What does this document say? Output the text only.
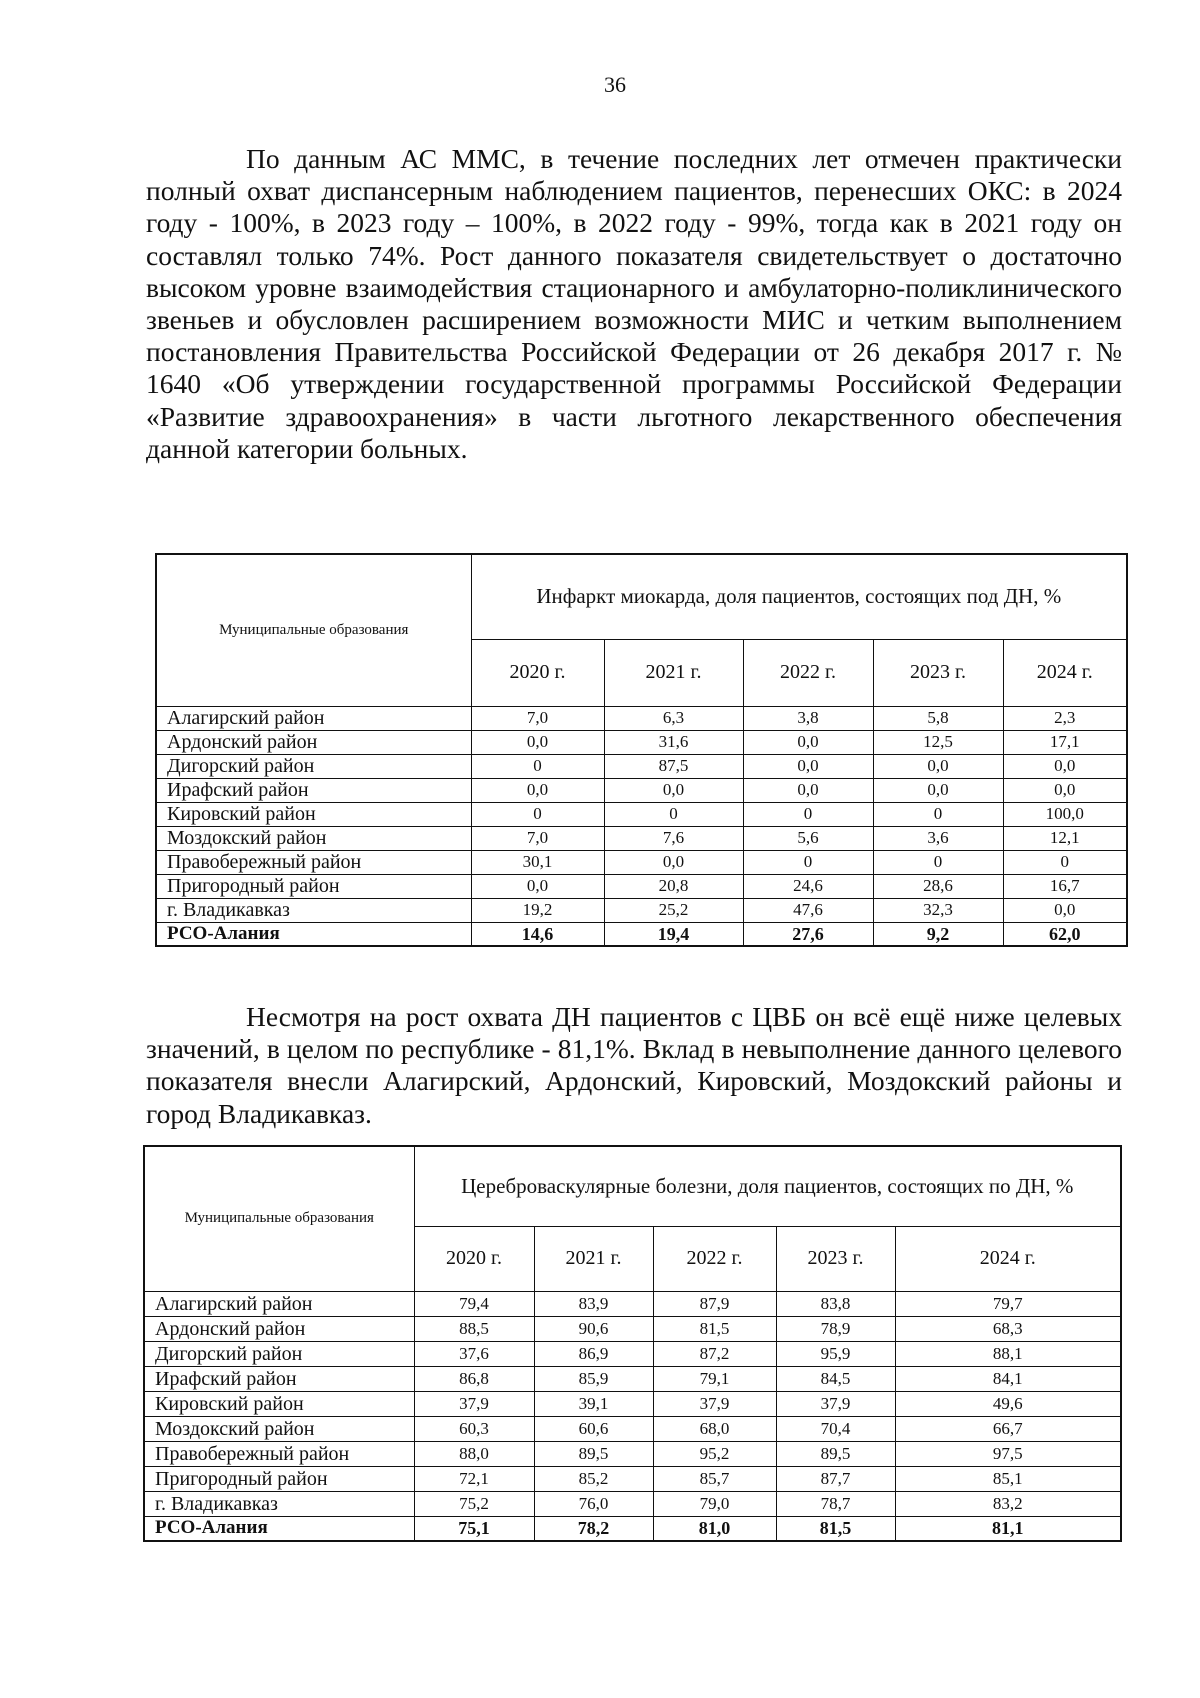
36

По данным АС ММС, в течение последних лет отмечен практически полный охват диспансерным наблюдением пациентов, перенесших ОКС: в 2024 году - 100%, в 2023 году – 100%, в 2022 году - 99%, тогда как в 2021 году он составлял только 74%. Рост данного показателя свидетельствует о достаточно высоком уровне взаимодействия стационарного и амбулаторно-поликлинического звеньев и обусловлен расширением возможности МИС и четким выполнением постановления Правительства Российской Федерации от 26 декабря 2017 г. № 1640 «Об утверждении государственной программы Российской Федерации «Развитие здравоохранения» в части льготного лекарственного обеспечения данной категории больных.

Муниципальные образования	Инфаркт миокарда, доля пациентов, состоящих под ДН, %				
	2020 г.	2021 г.	2022 г.	2023 г.	2024 г.
Алагирский район	7,0	6,3	3,8	5,8	2,3
Ардонский район	0,0	31,6	0,0	12,5	17,1
Дигорский район	0	87,5	0,0	0,0	0,0
Ирафский район	0,0	0,0	0,0	0,0	0,0
Кировский район	0	0	0	0	100,0
Моздокский район	7,0	7,6	5,6	3,6	12,1
Правобережный район	30,1	0,0	0	0	0
Пригородный район	0,0	20,8	24,6	28,6	16,7
г. Владикавказ	19,2	25,2	47,6	32,3	0,0
РСО-Алания	14,6	19,4	27,6	9,2	62,0

Несмотря на рост охвата ДН пациентов с ЦВБ он всё ещё ниже целевых значений, в целом по республике - 81,1%. Вклад в невыполнение данного целевого показателя внесли Алагирский, Ардонский, Кировский, Моздокский районы и город Владикавказ.

Муниципальные образования	Цереброваскулярные болезни, доля пациентов, состоящих по ДН, %				
	2020 г.	2021 г.	2022 г.	2023 г.	2024 г.
Алагирский район	79,4	83,9	87,9	83,8	79,7
Ардонский район	88,5	90,6	81,5	78,9	68,3
Дигорский район	37,6	86,9	87,2	95,9	88,1
Ирафский район	86,8	85,9	79,1	84,5	84,1
Кировский район	37,9	39,1	37,9	37,9	49,6
Моздокский район	60,3	60,6	68,0	70,4	66,7
Правобережный район	88,0	89,5	95,2	89,5	97,5
Пригородный район	72,1	85,2	85,7	87,7	85,1
г. Владикавказ	75,2	76,0	79,0	78,7	83,2
РСО-Алания	75,1	78,2	81,0	81,5	81,1
